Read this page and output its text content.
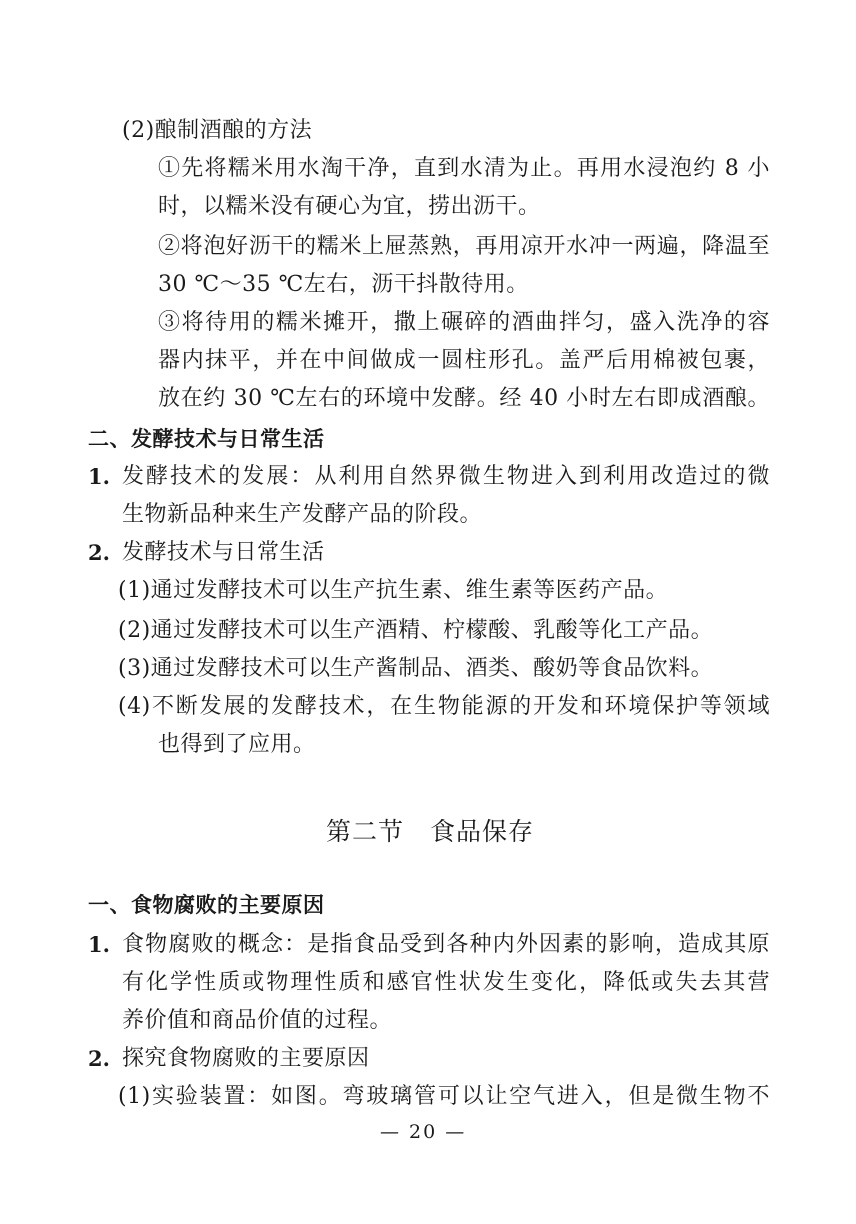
(2)酿制酒酿的方法
①先将糯米用水淘干净，直到水清为止。再用水浸泡约 8 小
时，以糯米没有硬心为宜，捞出沥干。
②将泡好沥干的糯米上屉蒸熟，再用凉开水冲一两遍，降温至
30 ℃～35 ℃左右，沥干抖散待用。
③将待用的糯米摊开，撒上碾碎的酒曲拌匀，盛入洗净的容
器内抹平，并在中间做成一圆柱形孔。盖严后用棉被包裹，
放在约 30 ℃左右的环境中发酵。经 40 小时左右即成酒酿。
二、发酵技术与日常生活
1. 发酵技术的发展：从利用自然界微生物进入到利用改造过的微
生物新品种来生产发酵产品的阶段。
2. 发酵技术与日常生活
(1)通过发酵技术可以生产抗生素、维生素等医药产品。
(2)通过发酵技术可以生产酒精、柠檬酸、乳酸等化工产品。
(3)通过发酵技术可以生产酱制品、酒类、酸奶等食品饮料。
(4)不断发展的发酵技术，在生物能源的开发和环境保护等领域
也得到了应用。
第二节　食品保存
一、食物腐败的主要原因
1. 食物腐败的概念：是指食品受到各种内外因素的影响，造成其原
有化学性质或物理性质和感官性状发生变化，降低或失去其营
养价值和商品价值的过程。
2. 探究食物腐败的主要原因
(1)实验装置：如图。弯玻璃管可以让空气进入，但是微生物不
— 20 —
